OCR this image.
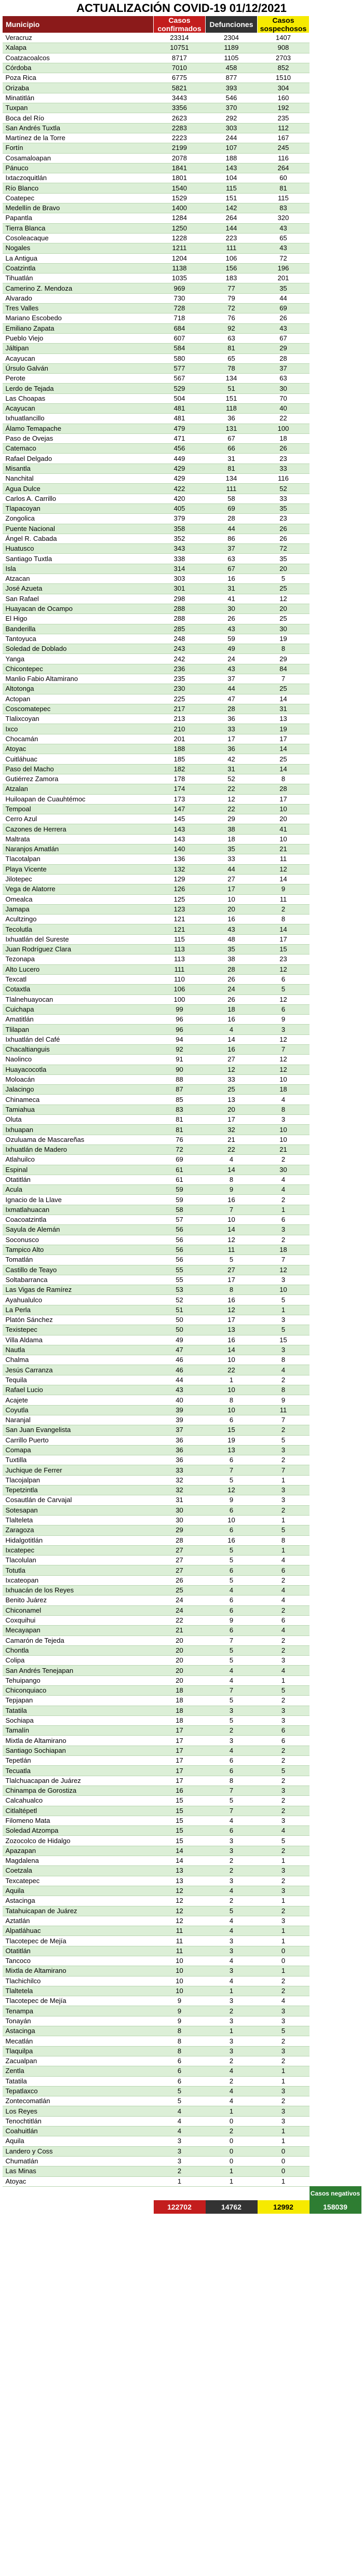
ACTUALIZACIÓN COVID-19 01/12/2021
Municipio	Casos confirmados	Defunciones	Casos sospechosos	
Veracruz	23314	2304	1407	
Xalapa	10751	1189	908	
Coatzacoalcos	8717	1105	2703	
Córdoba	7010	458	852	
Poza Rica	6775	877	1510	
Orizaba	5821	393	304	
Minatitlán	3443	546	160	
Tuxpan	3356	370	192	
Boca del Río	2623	292	235	
San Andrés Tuxtla	2283	303	112	
Martínez de la Torre	2223	244	167	
Fortín	2199	107	245	
Cosamaloapan	2078	188	116	
Pánuco	1841	143	264	
Ixtaczoquitlán	1801	104	60	
Río Blanco	1540	115	81	
Coatepec	1529	151	115	
Medellín de Bravo	1400	142	83	
Papantla	1284	264	320	
Tierra Blanca	1250	144	43	
Cosoleacaque	1228	223	65	
Nogales	1211	111	43	
La Antigua	1204	106	72	
Coatzintla	1138	156	196	
Tihuatlán	1035	183	201	
Camerino Z. Mendoza	969	77	35	
Alvarado	730	79	44	
Tres Valles	728	72	69	
Mariano Escobedo	718	76	26	
Emiliano Zapata	684	92	43	
Pueblo Viejo	607	63	67	
Jáltipan	584	81	29	
Acayucan	580	65	28	
Úrsulo Galván	577	78	37	
Perote	567	134	63	
Lerdo de Tejada	529	51	30	
Las Choapas	504	151	70	
Acayucan	481	118	40	
Ixhuatlancillo	481	36	22	
Álamo Temapache	479	131	100	
Paso de Ovejas	471	67	18	
Catemaco	456	66	26	
Rafael Delgado	449	31	23	
Misantla	429	81	33	
Nanchital	429	134	116	
Agua Dulce	422	111	52	
Carlos A. Carrillo	420	58	33	
Tlapacoyan	405	69	35	
Zongolica	379	28	23	
Puente Nacional	358	44	26	
Ángel R. Cabada	352	86	26	
Huatusco	343	37	72	
Santiago Tuxtla	338	63	35	
Isla	314	67	20	
Atzacan	303	16	5	
José Azueta	301	31	25	
San Rafael	298	41	12	
Huayacan de Ocampo	288	30	20	
El Higo	288	26	25	
Banderilla	285	43	30	
Tantoyuca	248	59	19	
Soledad de Doblado	243	49	8	
Yanga	242	24	29	
Chicontepec	236	43	84	
Manlio Fabio Altamirano	235	37	7	
Altotonga	230	44	25	
Actopan	225	47	14	
Coscomatepec	217	28	31	
Tlalixcoyan	213	36	13	
Ixco	210	33	19	
Chocamán	201	17	17	
Atoyac	188	36	14	
Cuitláhuac	185	42	25	
Paso del Macho	182	31	14	
Gutiérrez Zamora	178	52	8	
Atzalan	174	22	28	
Huiloapan de Cuauhtémoc	173	12	17	
Tempoal	147	22	10	
Cerro Azul	145	29	20	
Cazones de Herrera	143	38	41	
Maltrata	143	18	10	
Naranjos Amatlán	140	35	21	
Tlacotalpan	136	33	11	
Playa Vicente	132	44	12	
Jilotepec	129	27	14	
Vega de Alatorre	126	17	9	
Omealca	125	10	11	
Jamapa	123	20	2	
Acultzingo	121	16	8	
Tecolutla	121	43	14	
Ixhuatlán del Sureste	115	48	17	
Juan Rodríguez Clara	113	35	15	
Tezonapa	113	38	23	
Alto Lucero	111	28	12	
Texcatl	110	26	6	
Cotaxtla	106	24	5	
Tlalnehuayocan	100	26	12	
Cuichapa	99	18	6	
Amatitlán	96	16	9	
Tlilapan	96	4	3	
Ixhuatlán del Café	94	14	12	
Chacaltianguis	92	16	7	
Naolinco	91	27	12	
Huayacocotla	90	12	12	
Moloacán	88	33	10	
Jalacingo	87	25	18	
Chinameca	85	13	4	
Tamiahua	83	20	8	
Oluta	81	17	3	
Ixhuapan	81	32	10	
Ozuluama de Mascareñas	76	21	10	
Ixhuatlán de Madero	72	22	21	
Atlahuilco	69	4	2	
Espinal	61	14	30	
Otatitlán	61	8	4	
Acula	59	9	4	
Ignacio de la Llave	59	16	2	
Ixmatlahuacan	58	7	1	
Coacoatzintla	57	10	6	
Sayula de Alemán	56	14	3	
Soconusco	56	12	2	
Tampico Alto	56	11	18	
Tomatlán	56	5	7	
Castillo de Teayo	55	27	12	
Soltabarranca	55	17	3	
Las Vigas de Ramírez	53	8	10	
Ayahualulco	52	16	5	
La Perla	51	12	1	
Platón Sánchez	50	17	3	
Texistepec	50	13	5	
Villa Aldama	49	16	15	
Nautla	47	14	3	
Chalma	46	10	8	
Jesús Carranza	46	22	4	
Tequila	44	1	2	
Rafael Lucio	43	10	8	
Acajete	40	8	9	
Coyutla	39	10	11	
Naranjal	39	6	7	
San Juan Evangelista	37	15	2	
Carrillo Puerto	36	19	5	
Comapa	36	13	3	
Tuxtilla	36	6	2	
Juchique de Ferrer	33	7	7	
Tlacojalpan	32	5	1	
Tepetzintla	32	12	3	
Cosautlán de Carvajal	31	9	3	
Sotesapan	30	6	2	
Tlalteleta	30	10	1	
Zaragoza	29	6	5	
Hidalgotitlán	28	16	8	
Ixcatepec	27	5	1	
Tlacolulan	27	5	4	
Totutla	27	6	6	
Ixcateopan	26	5	2	
Ixhuacán de los Reyes	25	4	4	
Benito Juárez	24	6	4	
Chiconamel	24	6	2	
Coxquihui	22	9	6	
Mecayapan	21	6	4	
Camarón de Tejeda	20	7	2	
Chontla	20	5	2	
Colipa	20	5	3	
San Andrés Tenejapan	20	4	4	
Tehuipango	20	4	1	
Chiconquiaco	18	7	5	
Tepjapan	18	5	2	
Tatatila	18	3	3	
Sochiapa	18	5	3	
Tamalín	17	2	6	
Mixtla de Altamirano	17	3	6	
Santiago Sochiapan	17	4	2	
Tepetlán	17	6	2	
Tecuatla	17	6	5	
Tlalchuacapan de Juárez	17	8	2	
Chinampa de Gorostiza	16	7	3	
Calcahualco	15	5	2	
Citlaltépetl	15	7	2	
Filomeno Mata	15	4	3	
Soledad Atzompa	15	6	4	
Zozocolco de Hidalgo	15	3	5	
Apazapan	14	3	2	
Magdalena	14	2	1	
Coetzala	13	2	3	
Texcatepec	13	3	2	
Aquila	12	4	3	
Astacinga	12	2	1	
Tatahuicapan de Juárez	12	5	2	
Aztatlán	12	4	3	
Alpatláhuac	11	4	1	
Tlacotepec de Mejía	11	3	1	
Otatitlán	11	3	0	
Tancoco	10	4	0	
Mixtla de Altamirano	10	3	1	
Tlachichilco	10	4	2	
Tlaltetela	10	1	2	
Tlacotepec de Mejía	9	3	4	
Tenampa	9	2	3	
Tonayán	9	3	3	
Astacinga	8	1	5	
Mecatlán	8	3	2	
Tlaquilpa	8	3	3	
Zacualpan	6	2	2	
Zentla	6	4	1	
Tatatila	6	2	1	
Tepatlaxco	5	4	3	
Zontecomatlán	5	4	2	
Los Reyes	4	1	3	
Tenochtitlán	4	0	3	
Coahuitlán	4	2	1	
Aquila	3	0	1	
Landero y Coss	3	0	0	
Chumatlán	3	0	0	
Las Minas	2	1	0	
Atoyac	1	1	1	
				Casos negativos
	122702	14762	12992	158039
